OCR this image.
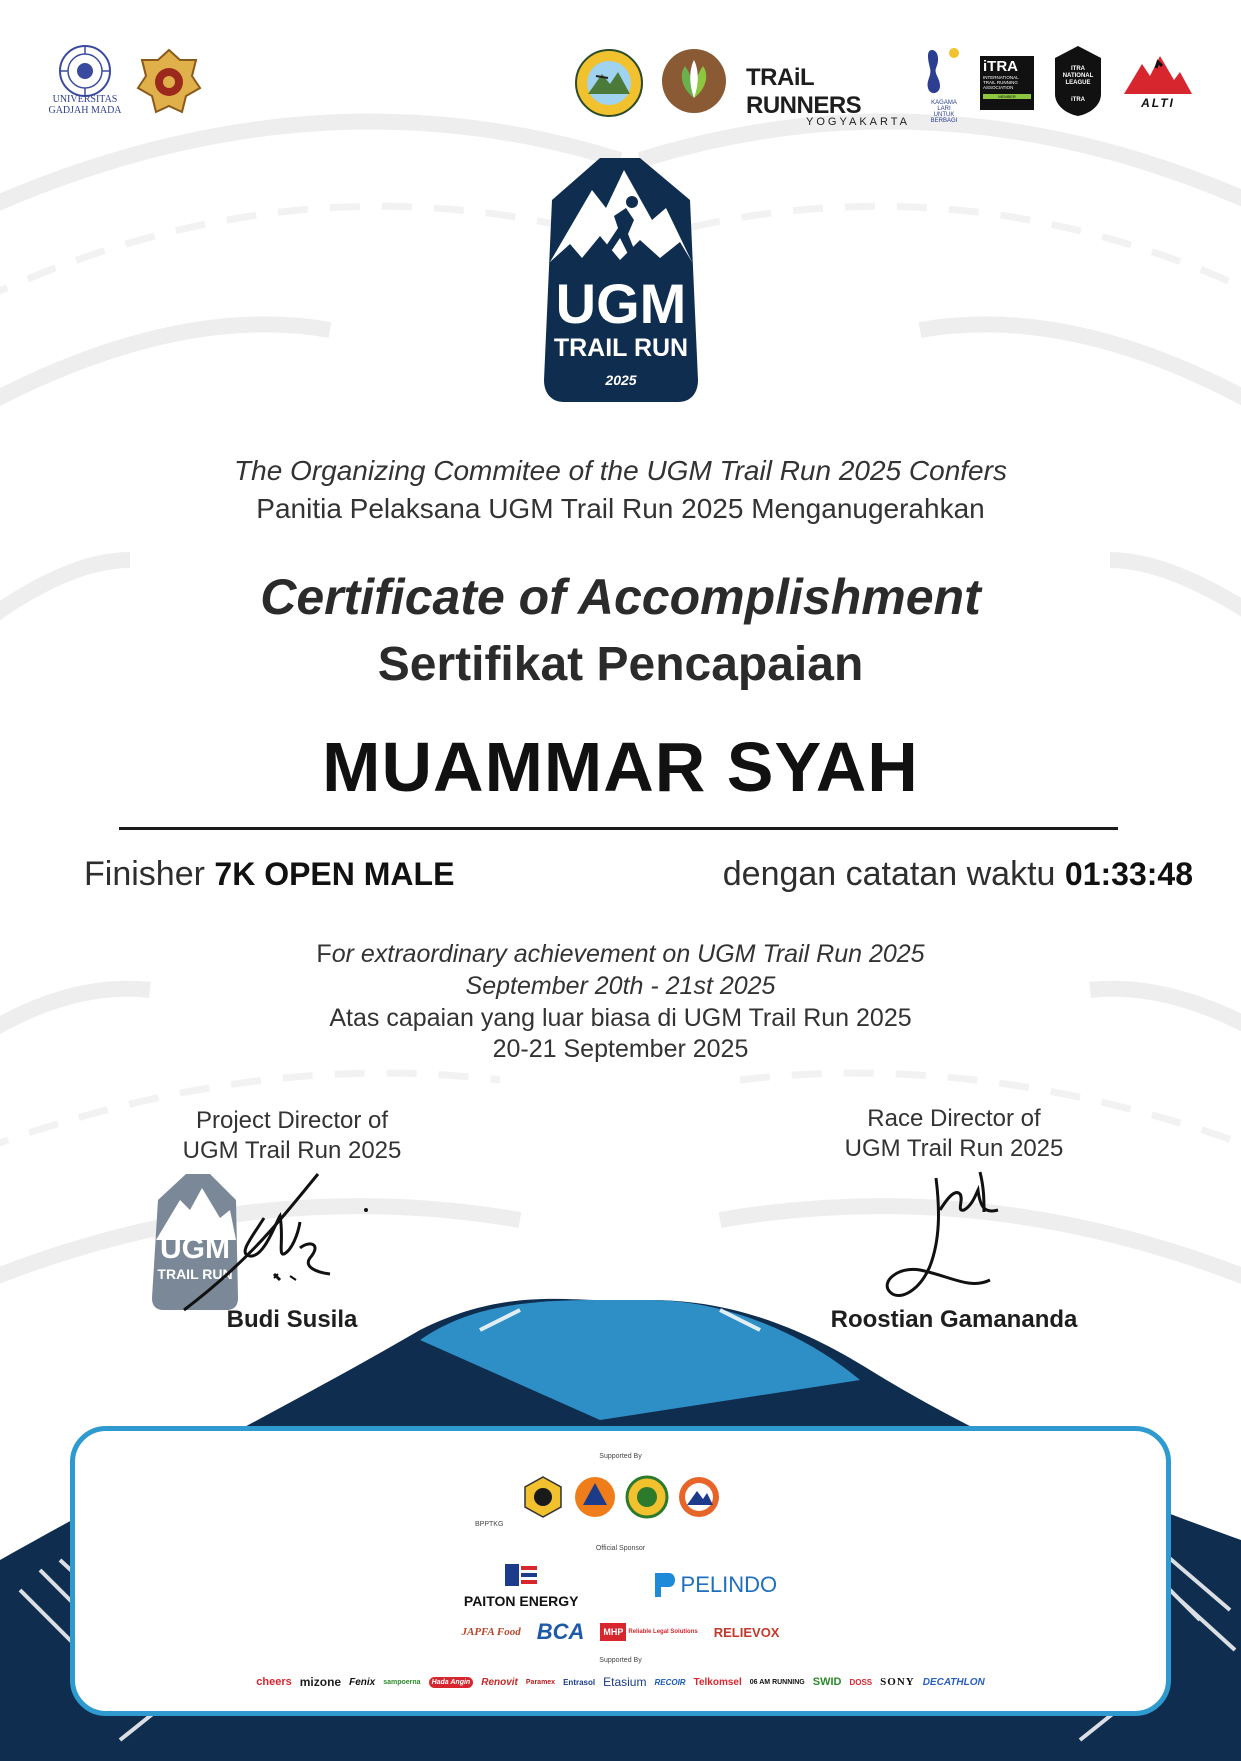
UNIVERSITAS
GADJAH MADA
TRAiL RUNNERS
YOGYAKARTA
KAGAMA
LARI
UNTUK
BERBAGI
iTRA
INTERNATIONAL
TRAIL RUNNING
ASSOCIATION
MEMBER
ITRA
NATIONAL
LEAGUE
iTRA	ALTI
UGM
TRAIL RUN
2025
The Organizing Commitee of the UGM Trail Run 2025 Confers
Panitia Pelaksana UGM Trail Run 2025 Menganugerahkan
Certificate of Accomplishment
Sertifikat Pencapaian
MUAMMAR SYAH
Finisher 7K OPEN MALE	dengan catatan waktu 01:33:48
For extraordinary achievement on UGM Trail Run 2025
September 20th - 21st 2025
Atas capaian yang luar biasa di UGM Trail Run 2025
20-21 September 2025
Project Director of
UGM Trail Run 2025
UGM
TRAIL RUN
Budi Susila
Race Director of
UGM Trail Run 2025
Roostian Gamananda
Supported By
BPPTKG
Official Sponsor
PAITON ENERGY
PELINDO
JAPFA Food BCA	MHP Reliable Legal Solutions RELIEVOX
Supported By
cheers mizone Fenix sampoerna	Hada Angin	Renovit Paramex Entrasol Etasium RECOIR Telkomsel 06 AM RUNNING SWID DOSS SONY DECATHLON
